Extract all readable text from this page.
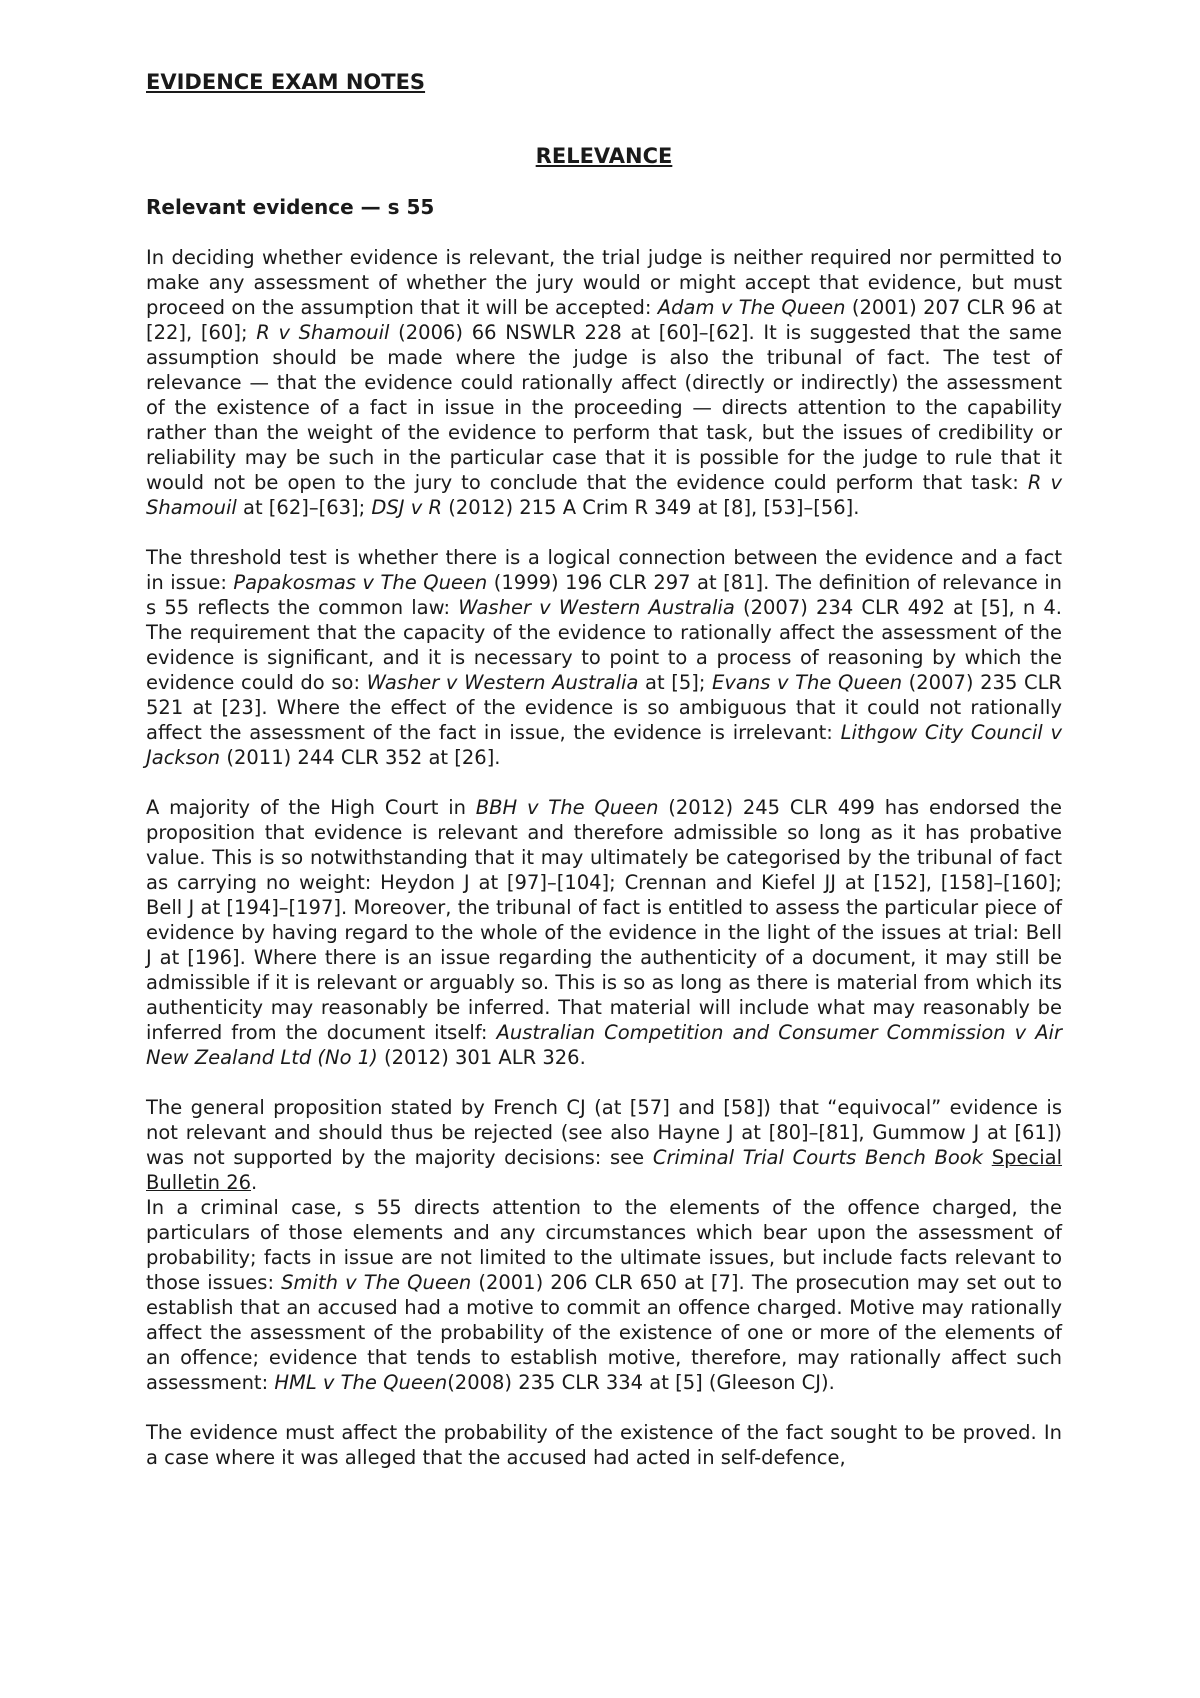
EVIDENCE EXAM NOTES
RELEVANCE
Relevant evidence — s 55

In deciding whether evidence is relevant, the trial judge is neither required nor permitted to make any assessment of whether the jury would or might accept that evidence, but must proceed on the assumption that it will be accepted: Adam v The Queen (2001) 207 CLR 96 at [22], [60]; R v Shamouil (2006) 66 NSWLR 228 at [60]–[62]. It is suggested that the same assumption should be made where the judge is also the tribunal of fact. The test of relevance — that the evidence could rationally affect (directly or indirectly) the assessment of the existence of a fact in issue in the proceeding — directs attention to the capability rather than the weight of the evidence to perform that task, but the issues of credibility or reliability may be such in the particular case that it is possible for the judge to rule that it would not be open to the jury to conclude that the evidence could perform that task: R v Shamouil at [62]–[63]; DSJ v R (2012) 215 A Crim R 349 at [8], [53]–[56].

The threshold test is whether there is a logical connection between the evidence and a fact in issue: Papakosmas v The Queen (1999) 196 CLR 297 at [81]. The definition of relevance in s 55 reflects the common law: Washer v Western Australia (2007) 234 CLR 492 at [5], n 4. The requirement that the capacity of the evidence to rationally affect the assessment of the evidence is significant, and it is necessary to point to a process of reasoning by which the evidence could do so: Washer v Western Australia at [5]; Evans v The Queen (2007) 235 CLR 521 at [23]. Where the effect of the evidence is so ambiguous that it could not rationally affect the assessment of the fact in issue, the evidence is irrelevant: Lithgow City Council v Jackson (2011) 244 CLR 352 at [26].

A majority of the High Court in BBH v The Queen (2012) 245 CLR 499 has endorsed the proposition that evidence is relevant and therefore admissible so long as it has probative value. This is so notwithstanding that it may ultimately be categorised by the tribunal of fact as carrying no weight: Heydon J at [97]–[104]; Crennan and Kiefel JJ at [152], [158]–[160]; Bell J at [194]–[197]. Moreover, the tribunal of fact is entitled to assess the particular piece of evidence by having regard to the whole of the evidence in the light of the issues at trial: Bell J at [196]. Where there is an issue regarding the authenticity of a document, it may still be admissible if it is relevant or arguably so. This is so as long as there is material from which its authenticity may reasonably be inferred. That material will include what may reasonably be inferred from the document itself: Australian Competition and Consumer Commission v Air New Zealand Ltd (No 1) (2012) 301 ALR 326.

The general proposition stated by French CJ (at [57] and [58]) that “equivocal” evidence is not relevant and should thus be rejected (see also Hayne J at [80]–[81], Gummow J at [61]) was not supported by the majority decisions: see Criminal Trial Courts Bench Book Special Bulletin 26.

In a criminal case, s 55 directs attention to the elements of the offence charged, the particulars of those elements and any circumstances which bear upon the assessment of probability; facts in issue are not limited to the ultimate issues, but include facts relevant to those issues: Smith v The Queen (2001) 206 CLR 650 at [7]. The prosecution may set out to establish that an accused had a motive to commit an offence charged. Motive may rationally affect the assessment of the probability of the existence of one or more of the elements of an offence; evidence that tends to establish motive, therefore, may rationally affect such assessment: HML v The Queen(2008) 235 CLR 334 at [5] (Gleeson CJ).

The evidence must affect the probability of the existence of the fact sought to be proved. In a case where it was alleged that the accused had acted in self-defence,
